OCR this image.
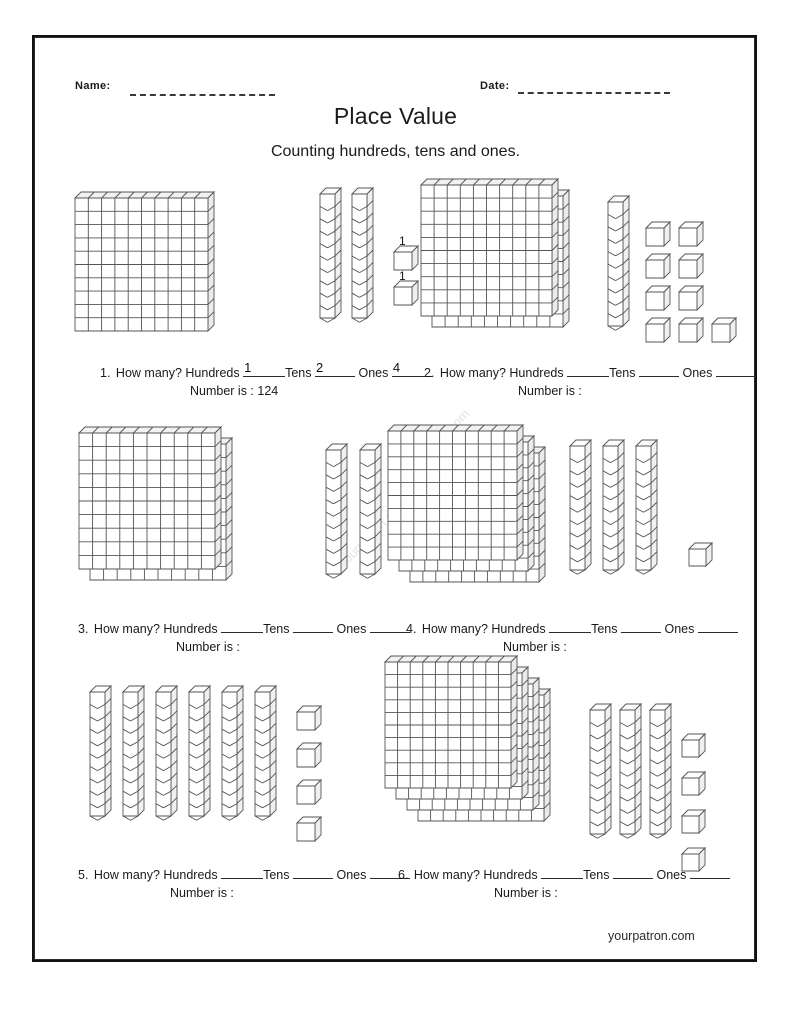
Name:	Date:
Place Value
Counting hundreds, tens and ones.
1
1
1. How many? Hundreds 1	Tens 2	Ones 4
Number is : 124
2. How many? Hundreds	Tens	Ones
Number is :
3. How many? Hundreds	Tens	Ones
Number is :
4. How many? Hundreds	Tens	Ones
Number is :
5. How many? Hundreds	Tens	Ones
Number is :
6. How many? Hundreds	Tens	Ones
Number is :
yourpatron.com
